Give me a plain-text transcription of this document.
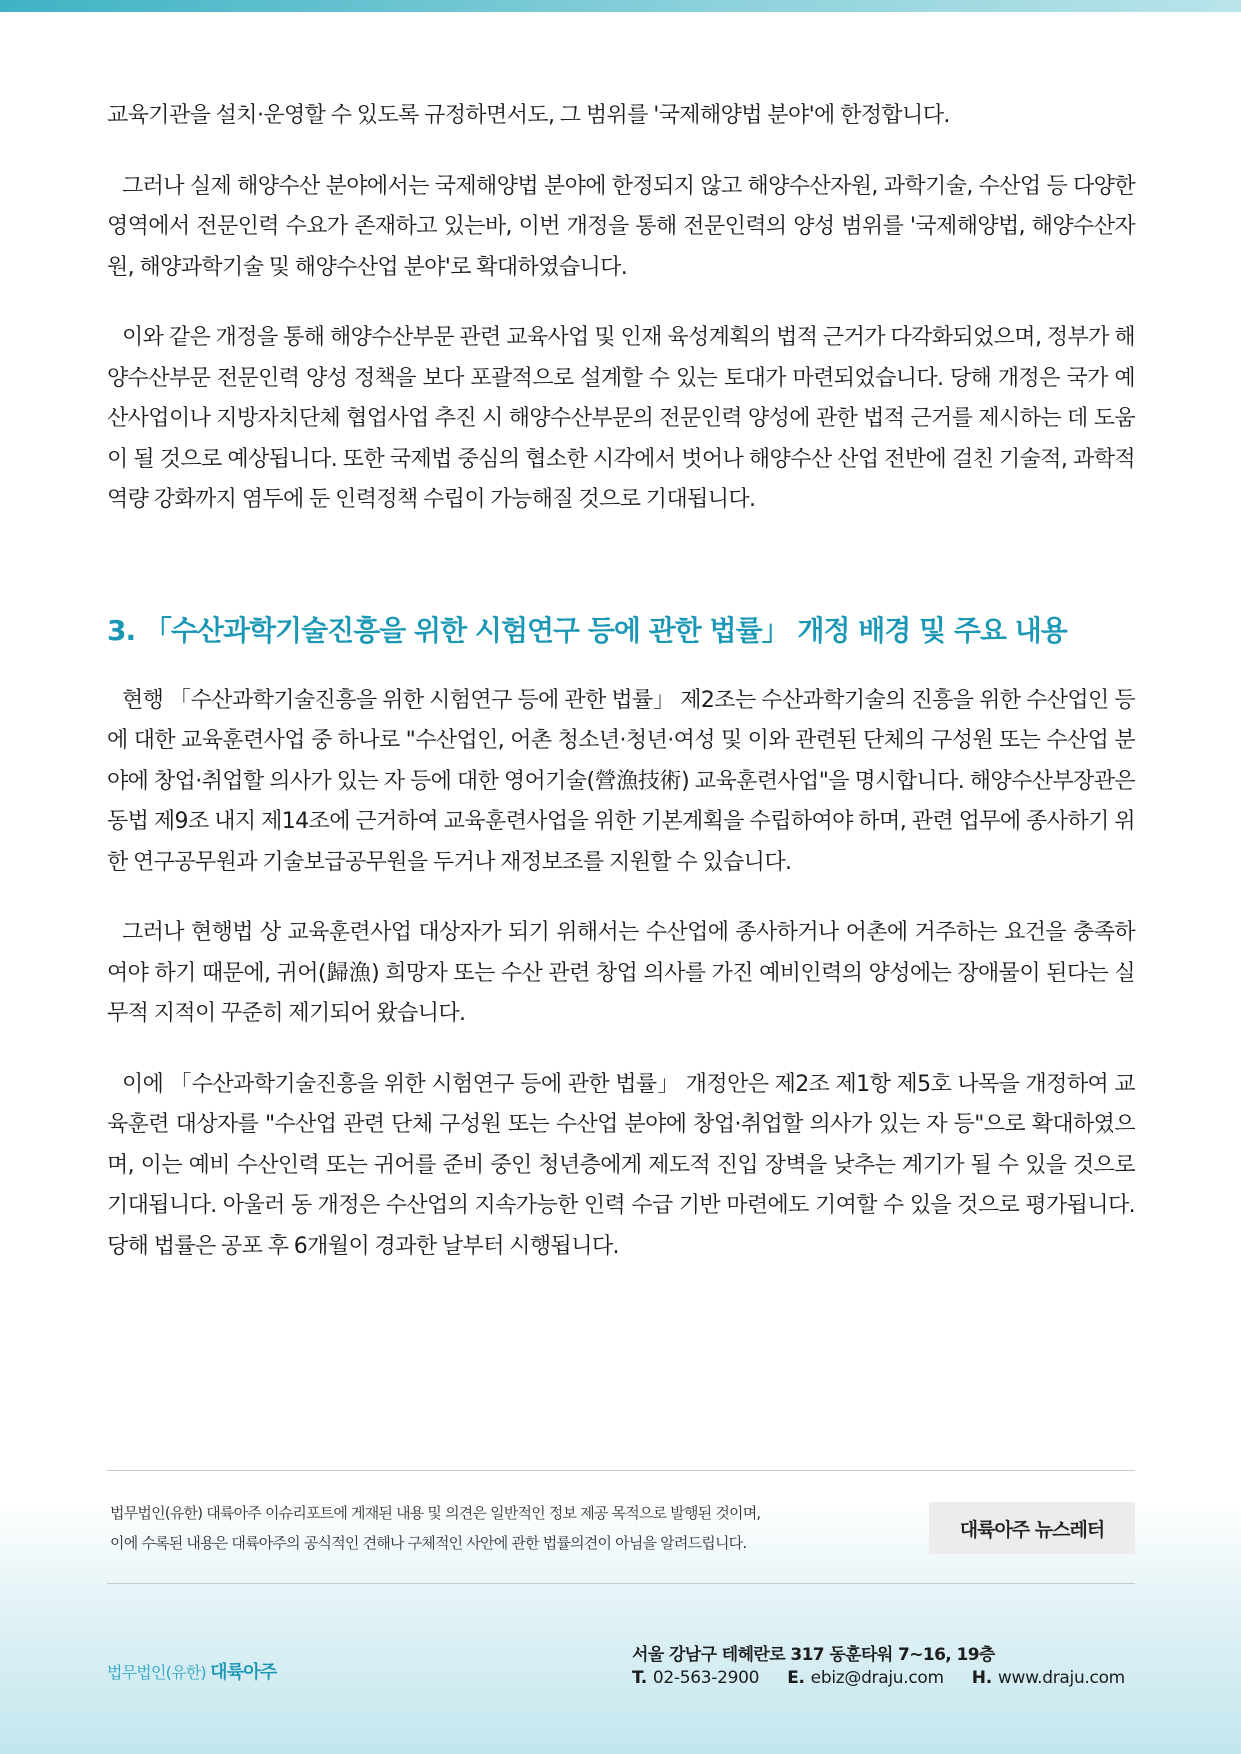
교육기관을 설치·운영할 수 있도록 규정하면서도, 그 범위를 '국제해양법 분야'에 한정합니다.

그러나 실제 해양수산 분야에서는 국제해양법 분야에 한정되지 않고 해양수산자원, 과학기술, 수산업 등 다양한 영역에서 전문인력 수요가 존재하고 있는바, 이번 개정을 통해 전문인력의 양성 범위를 '국제해양법, 해양수산자원, 해양과학기술 및 해양수산업 분야'로 확대하였습니다.

이와 같은 개정을 통해 해양수산부문 관련 교육사업 및 인재 육성계획의 법적 근거가 다각화되었으며, 정부가 해양수산부문 전문인력 양성 정책을 보다 포괄적으로 설계할 수 있는 토대가 마련되었습니다. 당해 개정은 국가 예산사업이나 지방자치단체 협업사업 추진 시 해양수산부문의 전문인력 양성에 관한 법적 근거를 제시하는 데 도움이 될 것으로 예상됩니다. 또한 국제법 중심의 협소한 시각에서 벗어나 해양수산 산업 전반에 걸친 기술적, 과학적 역량 강화까지 염두에 둔 인력정책 수립이 가능해질 것으로 기대됩니다.

3. 「수산과학기술진흥을 위한 시험연구 등에 관한 법률」 개정 배경 및 주요 내용

현행 「수산과학기술진흥을 위한 시험연구 등에 관한 법률」 제2조는 수산과학기술의 진흥을 위한 수산업인 등에 대한 교육훈련사업 중 하나로 "수산업인, 어촌 청소년·청년·여성 및 이와 관련된 단체의 구성원 또는 수산업 분야에 창업·취업할 의사가 있는 자 등에 대한 영어기술(營漁技術) 교육훈련사업"을 명시합니다. 해양수산부장관은 동법 제9조 내지 제14조에 근거하여 교육훈련사업을 위한 기본계획을 수립하여야 하며, 관련 업무에 종사하기 위한 연구공무원과 기술보급공무원을 두거나 재정보조를 지원할 수 있습니다.

그러나 현행법 상 교육훈련사업 대상자가 되기 위해서는 수산업에 종사하거나 어촌에 거주하는 요건을 충족하여야 하기 때문에, 귀어(歸漁) 희망자 또는 수산 관련 창업 의사를 가진 예비인력의 양성에는 장애물이 된다는 실무적 지적이 꾸준히 제기되어 왔습니다.

이에 「수산과학기술진흥을 위한 시험연구 등에 관한 법률」 개정안은 제2조 제1항 제5호 나목을 개정하여 교육훈련 대상자를 "수산업 관련 단체 구성원 또는 수산업 분야에 창업·취업할 의사가 있는 자 등"으로 확대하였으며, 이는 예비 수산인력 또는 귀어를 준비 중인 청년층에게 제도적 진입 장벽을 낮추는 계기가 될 수 있을 것으로 기대됩니다. 아울러 동 개정은 수산업의 지속가능한 인력 수급 기반 마련에도 기여할 수 있을 것으로 평가됩니다. 당해 법률은 공포 후 6개월이 경과한 날부터 시행됩니다.

법무법인(유한) 대륙아주 이슈리포트에 게재된 내용 및 의견은 일반적인 정보 제공 목적으로 발행된 것이며,
이에 수록된 내용은 대륙아주의 공식적인 견해나 구체적인 사안에 관한 법률의견이 아님을 알려드립니다.
대륙아주 뉴스레터
법무법인(유한) 대륙아주
서울 강남구 테헤란로 317 동훈타워 7~16, 19층
T. 02-563-2900 E. ebiz@draju.com H. www.draju.com
